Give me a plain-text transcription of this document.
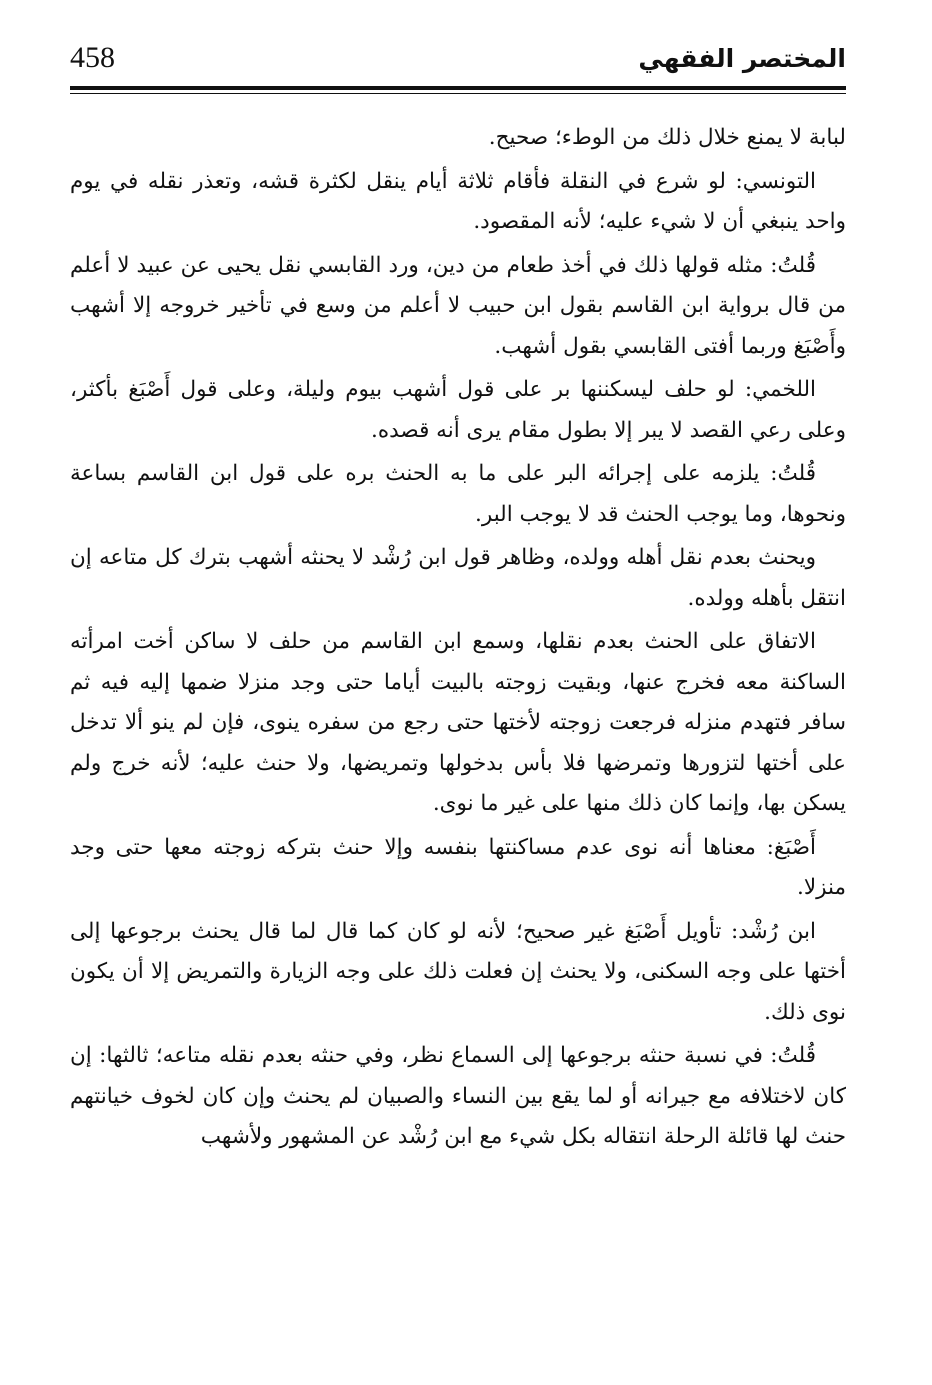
458	المختصر الفقهي

لبابة لا يمنع خلال ذلك من الوطء؛ صحيح.

التونسي: لو شرع في النقلة فأقام ثلاثة أيام ينقل لكثرة قشه، وتعذر نقله في يوم واحد ينبغي أن لا شيء عليه؛ لأنه المقصود.

قُلتُ: مثله قولها ذلك في أخذ طعام من دين، ورد القابسي نقل يحيى عن عبيد لا أعلم من قال برواية ابن القاسم بقول ابن حبيب لا أعلم من وسع في تأخير خروجه إلا أشهب وأَصْبَغ وربما أفتى القابسي بقول أشهب.

اللخمي: لو حلف ليسكننها بر على قول أشهب بيوم وليلة، وعلى قول أَصْبَغ بأكثر، وعلى رعي القصد لا يبر إلا بطول مقام يرى أنه قصده.

قُلتُ: يلزمه على إجرائه البر على ما به الحنث بره على قول ابن القاسم بساعة ونحوها، وما يوجب الحنث قد لا يوجب البر.

ويحنث بعدم نقل أهله وولده، وظاهر قول ابن رُشْد لا يحنثه أشهب بترك كل متاعه إن انتقل بأهله وولده.

الاتفاق على الحنث بعدم نقلها، وسمع ابن القاسم من حلف لا ساكن أخت امرأته الساكنة معه فخرج عنها، وبقيت زوجته بالبيت أياما حتى وجد منزلا ضمها إليه فيه ثم سافر فتهدم منزله فرجعت زوجته لأختها حتى رجع من سفره ينوى، فإن لم ينو ألا تدخل على أختها لتزورها وتمرضها فلا بأس بدخولها وتمريضها، ولا حنث عليه؛ لأنه خرج ولم يسكن بها، وإنما كان ذلك منها على غير ما نوى.

أَصْبَغ: معناها أنه نوى عدم مساكنتها بنفسه وإلا حنث بتركه زوجته معها حتى وجد منزلا.

ابن رُشْد: تأويل أَصْبَغ غير صحيح؛ لأنه لو كان كما قال لما قال يحنث برجوعها إلى أختها على وجه السكنى، ولا يحنث إن فعلت ذلك على وجه الزيارة والتمريض إلا أن يكون نوى ذلك.

قُلتُ: في نسبة حنثه برجوعها إلى السماع نظر، وفي حنثه بعدم نقله متاعه؛ ثالثها: إن كان لاختلافه مع جيرانه أو لما يقع بين النساء والصبيان لم يحنث وإن كان لخوف خيانتهم حنث لها قائلة الرحلة انتقاله بكل شيء مع ابن رُشْد عن المشهور ولأشهب
